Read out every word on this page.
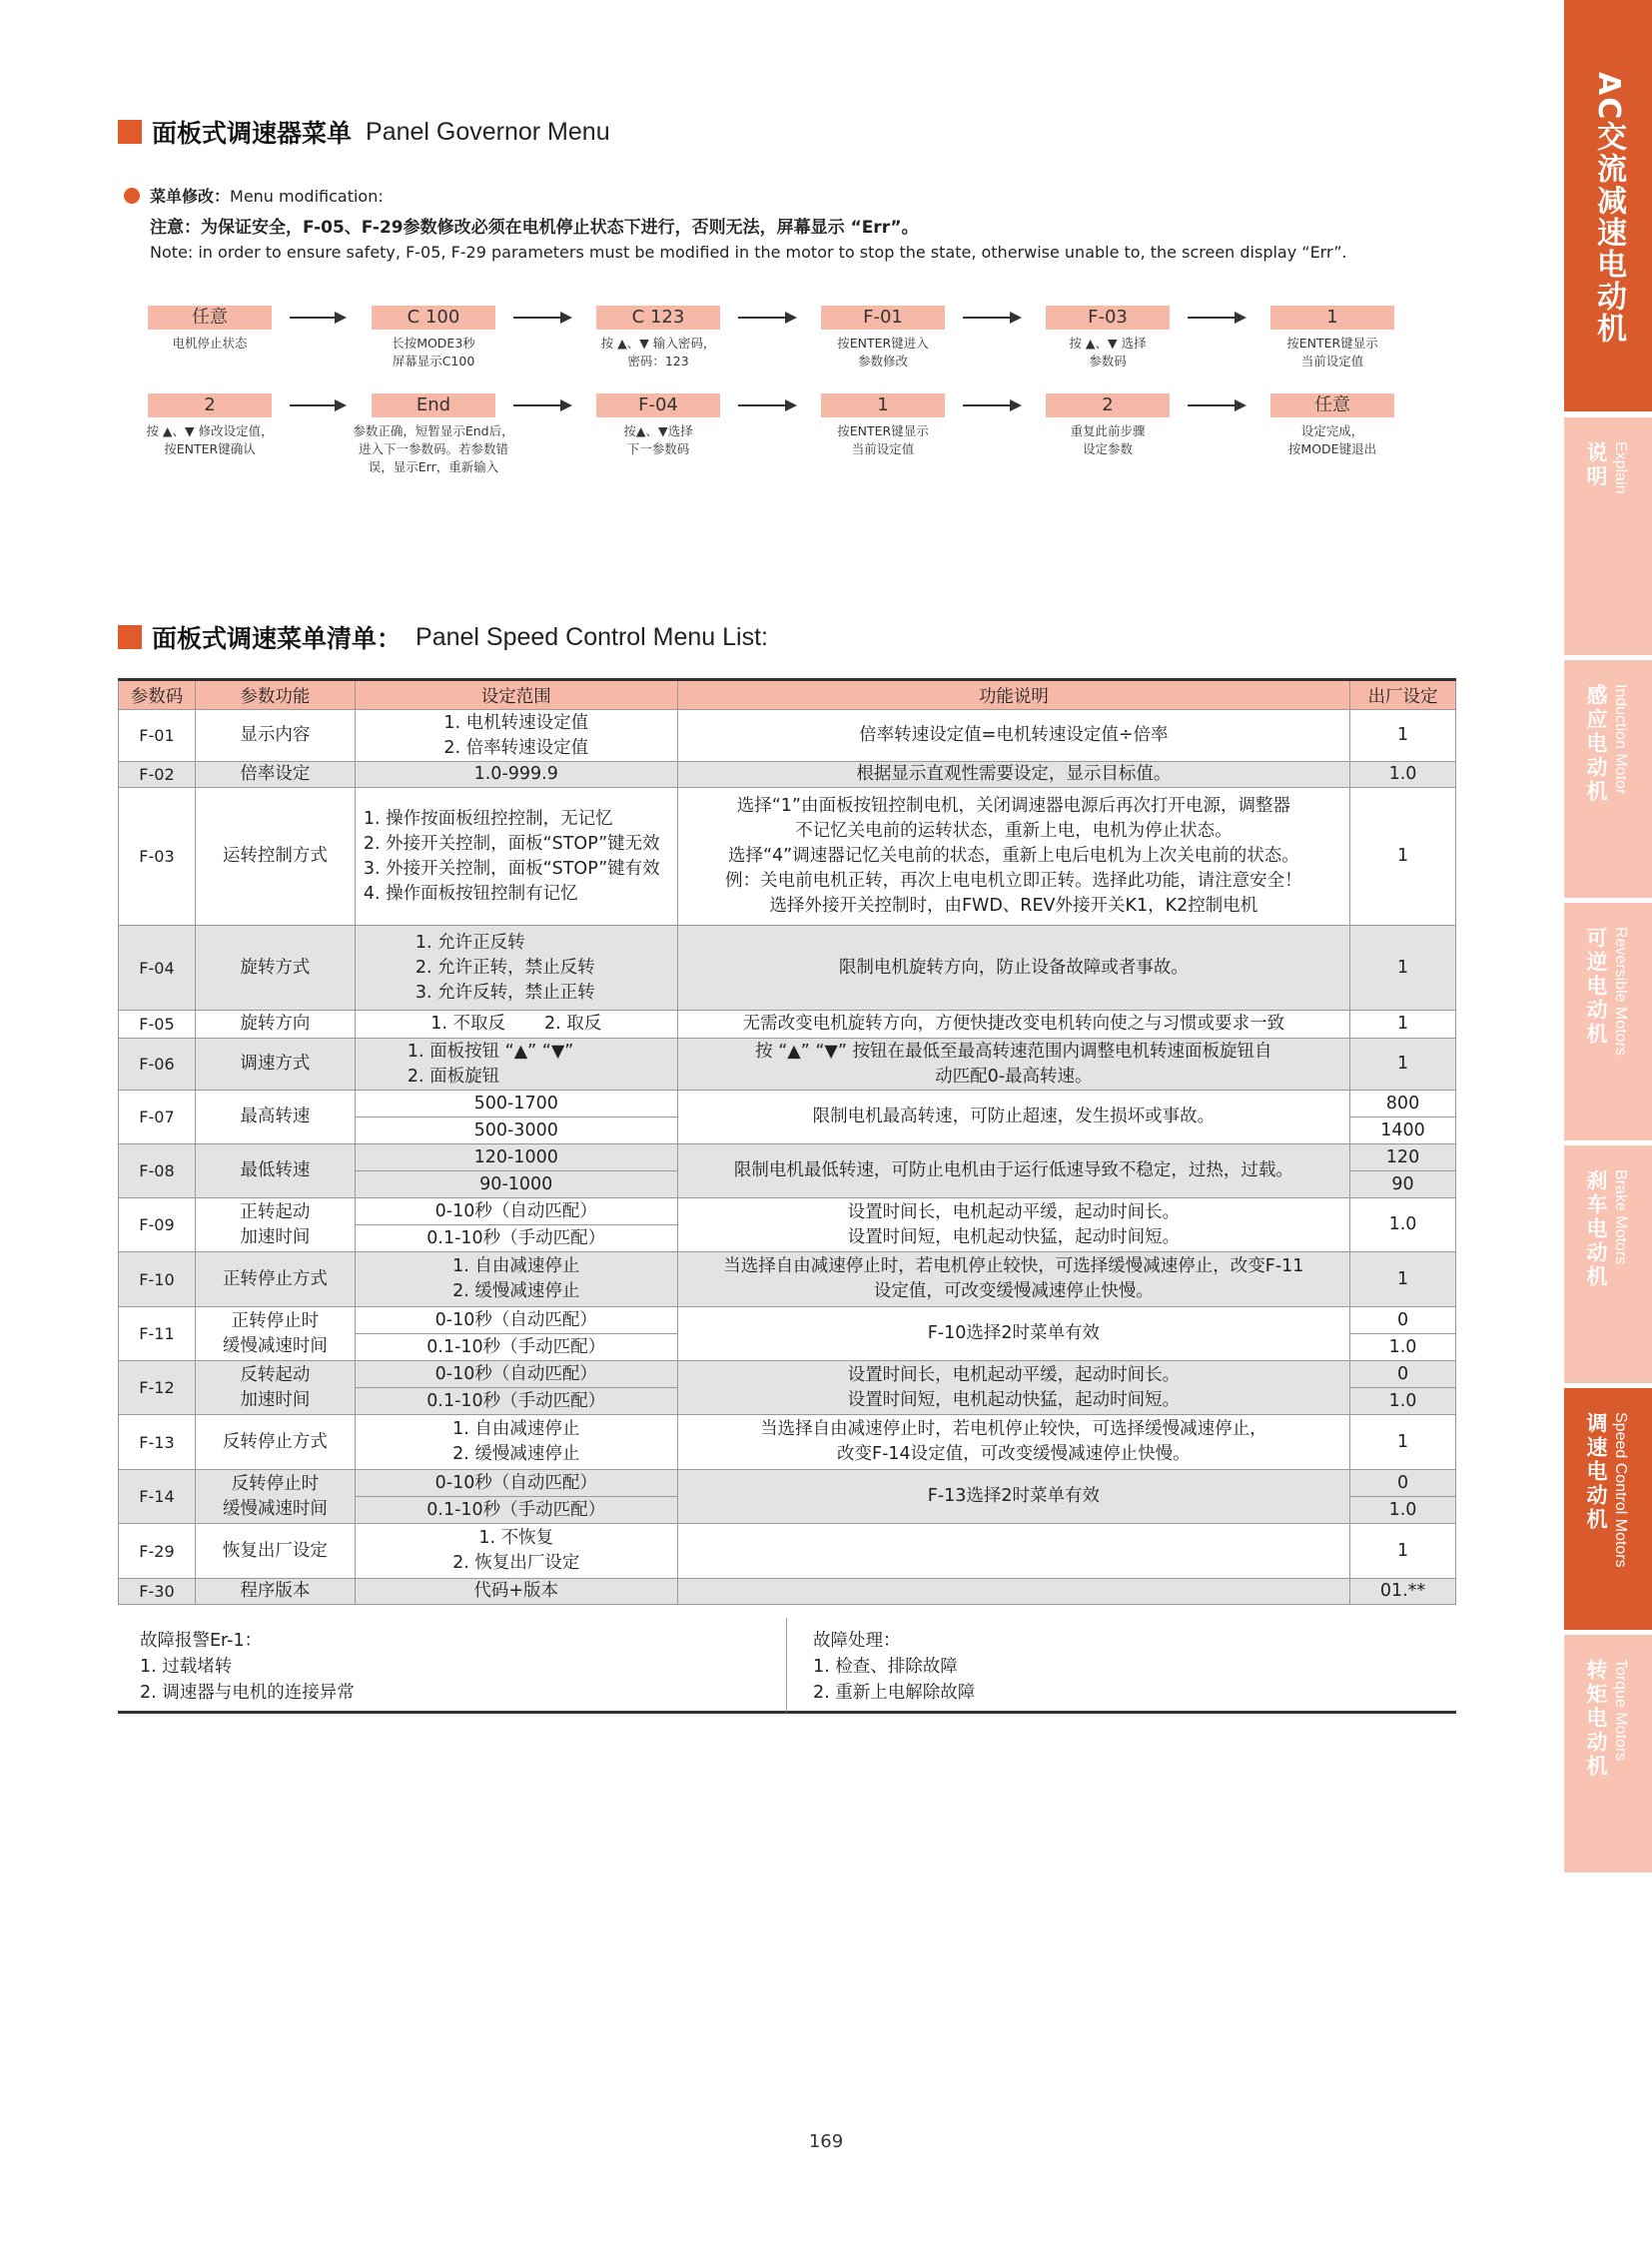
面板式调速器菜单 Panel Governor Menu
菜单修改：Menu modification:
注意：为保证安全，F-05、F-29参数修改必须在电机停止状态下进行，否则无法，屏幕显示 “Err”。
Note: in order to ensure safety, F-05, F-29 parameters must be modified in the motor to stop the state, otherwise unable to, the screen display “Err”.
任意
电机停止状态
C 100
长按MODE3秒
屏幕显示C100
C 123
按 ▲、▼ 输入密码，
密码：123
F-01
按ENTER键进入
参数修改
F-03
按 ▲、▼ 选择
参数码
1
按ENTER键显示
当前设定值
2
按 ▲、▼ 修改设定值，
按ENTER键确认
End
参数正确，短暂显示End后，
进入下一参数码。若参数错
误，显示Err，重新输入
F-04
按▲、▼选择
下一参数码
1
按ENTER键显示
当前设定值
2
重复此前步骤
设定参数
任意
设定完成，
按MODE键退出
面板式调速菜单清单： Panel Speed Control Menu List:
参数码	参数功能	设定范围	功能说明	出厂设定
F-01	显示内容	1. 电机转速设定值
2. 倍率转速设定值	倍率转速设定值=电机转速设定值÷倍率	1
F-02	倍率设定	1.0-999.9	根据显示直观性需要设定，显示目标值。	1.0
F-03	运转控制方式	1. 操作按面板纽控控制，无记忆
2. 外接开关控制，面板“STOP”键无效
3. 外接开关控制，面板“STOP”键有效
4. 操作面板按钮控制有记忆	选择“1”由面板按钮控制电机，关闭调速器电源后再次打开电源，调整器
不记忆关电前的运转状态，重新上电，电机为停止状态。
选择“4”调速器记忆关电前的状态，重新上电后电机为上次关电前的状态。
例：关电前电机正转，再次上电电机立即正转。选择此功能，请注意安全！
选择外接开关控制时，由FWD、REV外接开关K1，K2控制电机	1
F-04	旋转方式	1. 允许正反转
2. 允许正转，禁止反转
3. 允许反转，禁止正转	限制电机旋转方向，防止设备故障或者事故。	1
F-05	旋转方向	1. 不取反       2. 取反	无需改变电机旋转方向，方便快捷改变电机转向使之与习惯或要求一致	1
F-06	调速方式	1. 面板按钮 “▲” “▼”
2. 面板旋钮	按 “▲” “▼” 按钮在最低至最高转速范围内调整电机转速面板旋钮自
动匹配0-最高转速。	1
F-07	最高转速	500-1700	限制电机最高转速，可防止超速，发生损坏或事故。	800
		500-3000		1400
F-08	最低转速	120-1000	限制电机最低转速，可防止电机由于运行低速导致不稳定，过热，过载。	120
		90-1000		90
F-09	正转起动
加速时间	0-10秒（自动匹配）	设置时间长，电机起动平缓，起动时间长。
设置时间短，电机起动快猛，起动时间短。	1.0
		0.1-10秒（手动匹配）		
F-10	正转停止方式	1. 自由减速停止
2. 缓慢减速停止	当选择自由减速停止时，若电机停止较快，可选择缓慢减速停止，改变F-11
设定值，可改变缓慢减速停止快慢。	1
F-11	正转停止时
缓慢减速时间	0-10秒（自动匹配）	F-10选择2时菜单有效	0
		0.1-10秒（手动匹配）		1.0
F-12	反转起动
加速时间	0-10秒（自动匹配）	设置时间长，电机起动平缓，起动时间长。
设置时间短，电机起动快猛，起动时间短。	0
		0.1-10秒（手动匹配）		1.0
F-13	反转停止方式	1. 自由减速停止
2. 缓慢减速停止	当选择自由减速停止时，若电机停止较快，可选择缓慢减速停止，
改变F-14设定值，可改变缓慢减速停止快慢。	1
F-14	反转停止时
缓慢减速时间	0-10秒（自动匹配）	F-13选择2时菜单有效	0
		0.1-10秒（手动匹配）		1.0
F-29	恢复出厂设定	1. 不恢复
2. 恢复出厂设定		1
F-30	程序版本	代码+版本		01.**
故障报警Er-1：
1. 过载堵转
2. 调速器与电机的连接异常
故障处理：
1. 检查、排除故障
2. 重新上电解除故障
AC交流减速电动机
说明 Explain
感应电动机 Induction Motor
可逆电动机 Reversible Motors
刹车电动机 Brake Motors
调速电动机 Speed Control Motors
转矩电动机 Torque Motors
169
